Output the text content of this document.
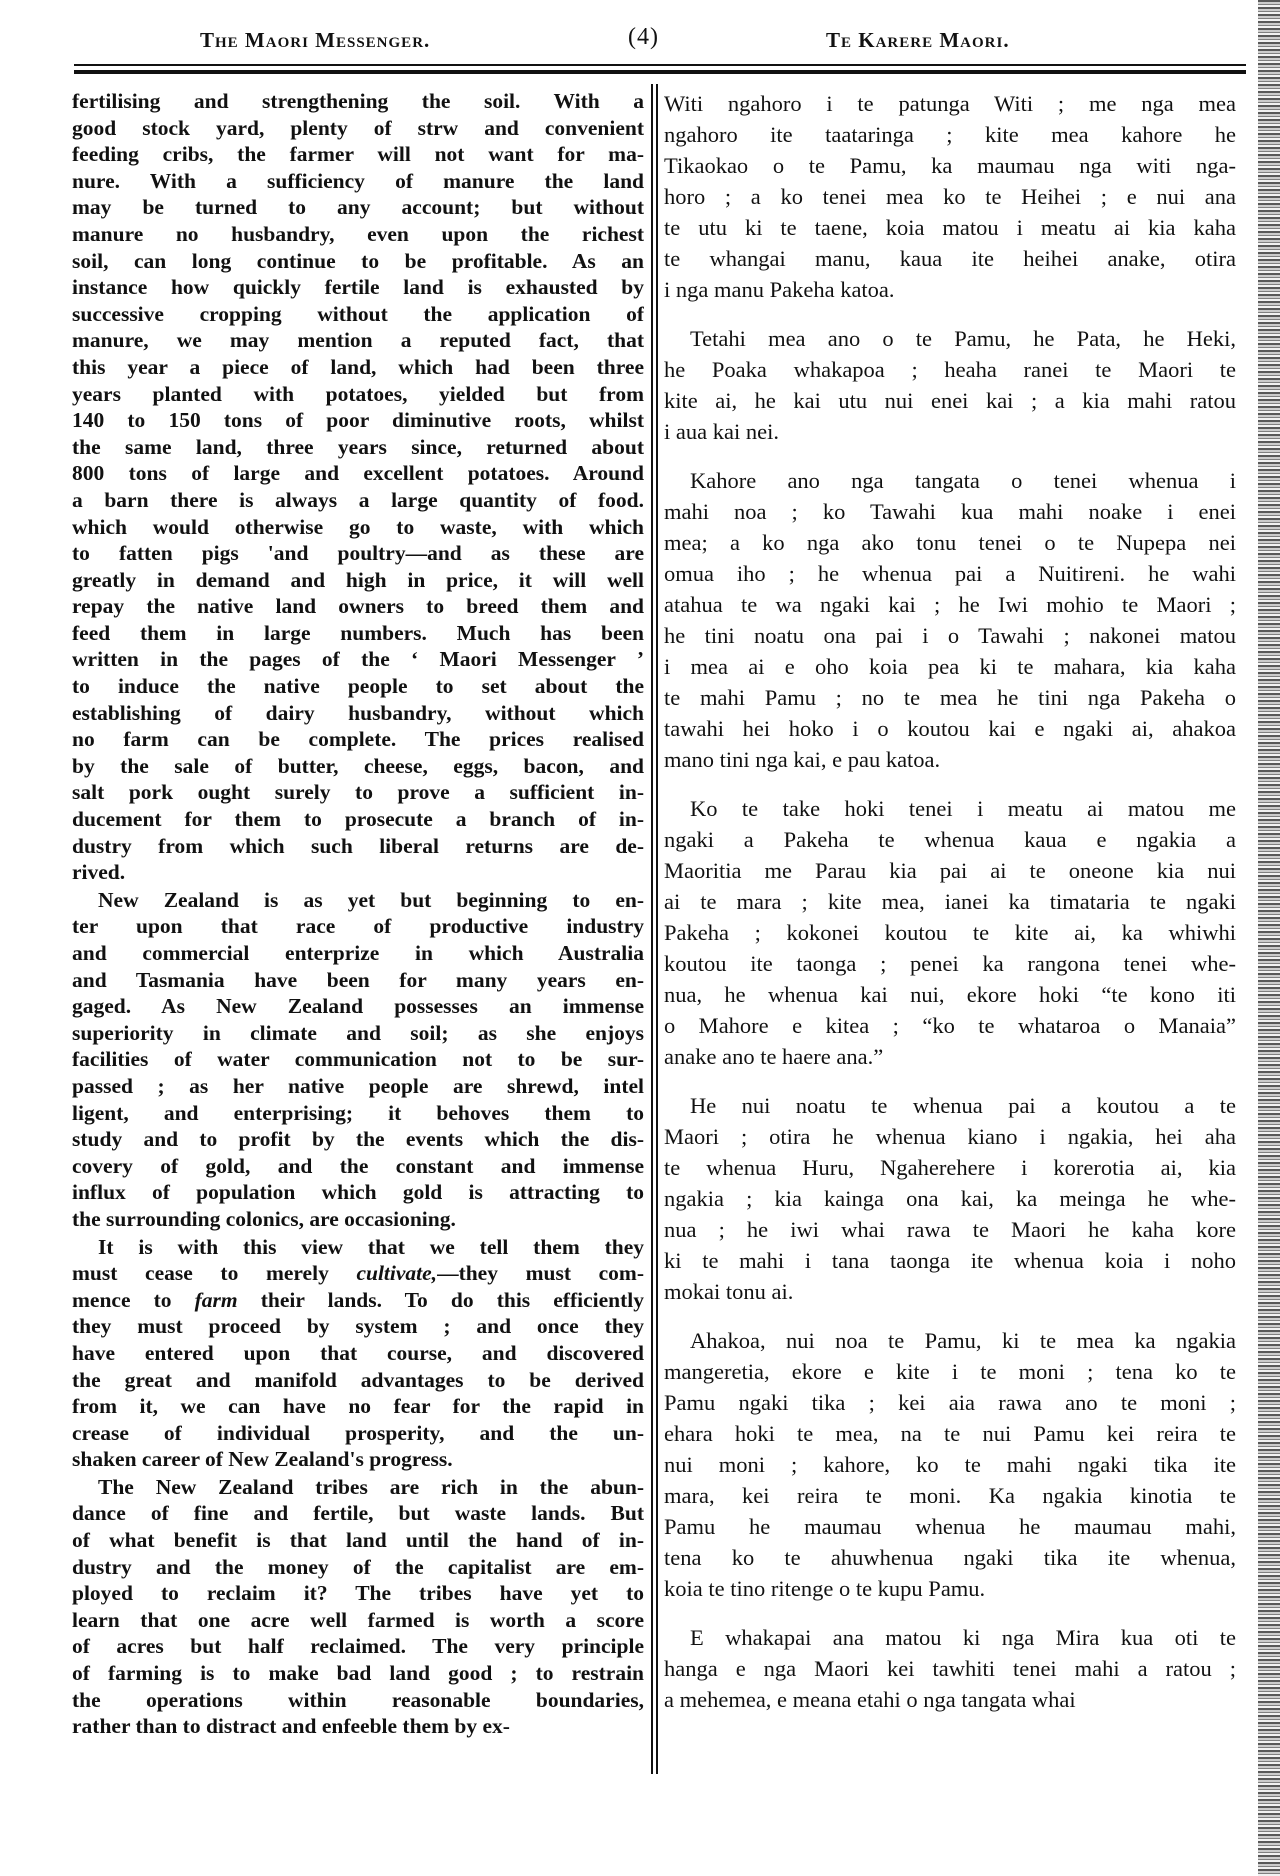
The Maori Messenger.	(4)	Te Karere Maori.
fertilising and strengthening the soil. With a
good stock yard, plenty of strw and convenient
feeding cribs, the farmer will not want for ma-
nure. With a sufficiency of manure the land
may be turned to any account; but without
manure no husbandry, even upon the richest
soil, can long continue to be profitable. As an
instance how quickly fertile land is exhausted by
successive cropping without the application of
manure, we may mention a reputed fact, that
this year a piece of land, which had been three
years planted with potatoes, yielded but from
140 to 150 tons of poor diminutive roots, whilst
the same land, three years since, returned about
800 tons of large and excellent potatoes. Around
a barn there is always a large quantity of food.
which would otherwise go to waste, with which
to fatten pigs 'and poultry—and as these are
greatly in demand and high in price, it will well
repay the native land owners to breed them and
feed them in large numbers. Much has been
written in the pages of the ‘ Maori Messenger ’
to induce the native people to set about the
establishing of dairy husbandry, without which
no farm can be complete. The prices realised
by the sale of butter, cheese, eggs, bacon, and
salt pork ought surely to prove a sufficient in-
ducement for them to prosecute a branch of in-
dustry from which such liberal returns are de-
rived.
New Zealand is as yet but beginning to en-
ter upon that race of productive industry
and commercial enterprize in which Australia
and Tasmania have been for many years en-
gaged. As New Zealand possesses an immense
superiority in climate and soil; as she enjoys
facilities of water communication not to be sur-
passed ; as her native people are shrewd, intel
ligent, and enterprising; it behoves them to
study and to profit by the events which the dis-
covery of gold, and the constant and immense
influx of population which gold is attracting to
the surrounding colonics, are occasioning.
It is with this view that we tell them they
must cease to merely cultivate,—they must com-
mence to farm their lands. To do this efficiently
they must proceed by system ; and once they
have entered upon that course, and discovered
the great and manifold advantages to be derived
from it, we can have no fear for the rapid in
crease of individual prosperity, and the un-
shaken career of New Zealand's progress.
The New Zealand tribes are rich in the abun-
dance of fine and fertile, but waste lands. But
of what benefit is that land until the hand of in-
dustry and the money of the capitalist are em-
ployed to reclaim it? The tribes have yet to
learn that one acre well farmed is worth a score
of acres but half reclaimed. The very principle
of farming is to make bad land good ; to restrain
the operations within reasonable boundaries,
rather than to distract and enfeeble them by ex-
Witi ngahoro i te patunga Witi ; me nga mea
ngahoro ite taataringa ; kite mea kahore he
Tikaokao o te Pamu, ka maumau nga witi nga-
horo ; a ko tenei mea ko te Heihei ; e nui ana
te utu ki te taene, koia matou i meatu ai kia kaha
te whangai manu, kaua ite heihei anake, otira
i nga manu Pakeha katoa.
Tetahi mea ano o te Pamu, he Pata, he Heki,
he Poaka whakapoa ; heaha ranei te Maori te
kite ai, he kai utu nui enei kai ; a kia mahi ratou
i aua kai nei.
Kahore ano nga tangata o tenei whenua i
mahi noa ; ko Tawahi kua mahi noake i enei
mea; a ko nga ako tonu tenei o te Nupepa nei
omua iho ; he whenua pai a Nuitireni. he wahi
atahua te wa ngaki kai ; he Iwi mohio te Maori ;
he tini noatu ona pai i o Tawahi ; nakonei matou
i mea ai e oho koia pea ki te mahara, kia kaha
te mahi Pamu ; no te mea he tini nga Pakeha o
tawahi hei hoko i o koutou kai e ngaki ai, ahakoa
mano tini nga kai, e pau katoa.
Ko te take hoki tenei i meatu ai matou me
ngaki a Pakeha te whenua kaua e ngakia a
Maoritia me Parau kia pai ai te oneone kia nui
ai te mara ; kite mea, ianei ka timataria te ngaki
Pakeha ; kokonei koutou te kite ai, ka whiwhi
koutou ite taonga ; penei ka rangona tenei whe-
nua, he whenua kai nui, ekore hoki “te kono iti
o Mahore e kitea ; “ko te whataroa o Manaia”
anake ano te haere ana.”
He nui noatu te whenua pai a koutou a te
Maori ; otira he whenua kiano i ngakia, hei aha
te whenua Huru, Ngaherehere i korerotia ai, kia
ngakia ; kia kainga ona kai, ka meinga he whe-
nua ; he iwi whai rawa te Maori he kaha kore
ki te mahi i tana taonga ite whenua koia i noho
mokai tonu ai.
Ahakoa, nui noa te Pamu, ki te mea ka ngakia
mangeretia, ekore e kite i te moni ; tena ko te
Pamu ngaki tika ; kei aia rawa ano te moni ;
ehara hoki te mea, na te nui Pamu kei reira te
nui moni ; kahore, ko te mahi ngaki tika ite
mara, kei reira te moni. Ka ngakia kinotia te
Pamu he maumau whenua he maumau mahi,
tena ko te ahuwhenua ngaki tika ite whenua,
koia te tino ritenge o te kupu Pamu.
E whakapai ana matou ki nga Mira kua oti te
hanga e nga Maori kei tawhiti tenei mahi a ratou ;
a mehemea, e meana etahi o nga tangata whai
